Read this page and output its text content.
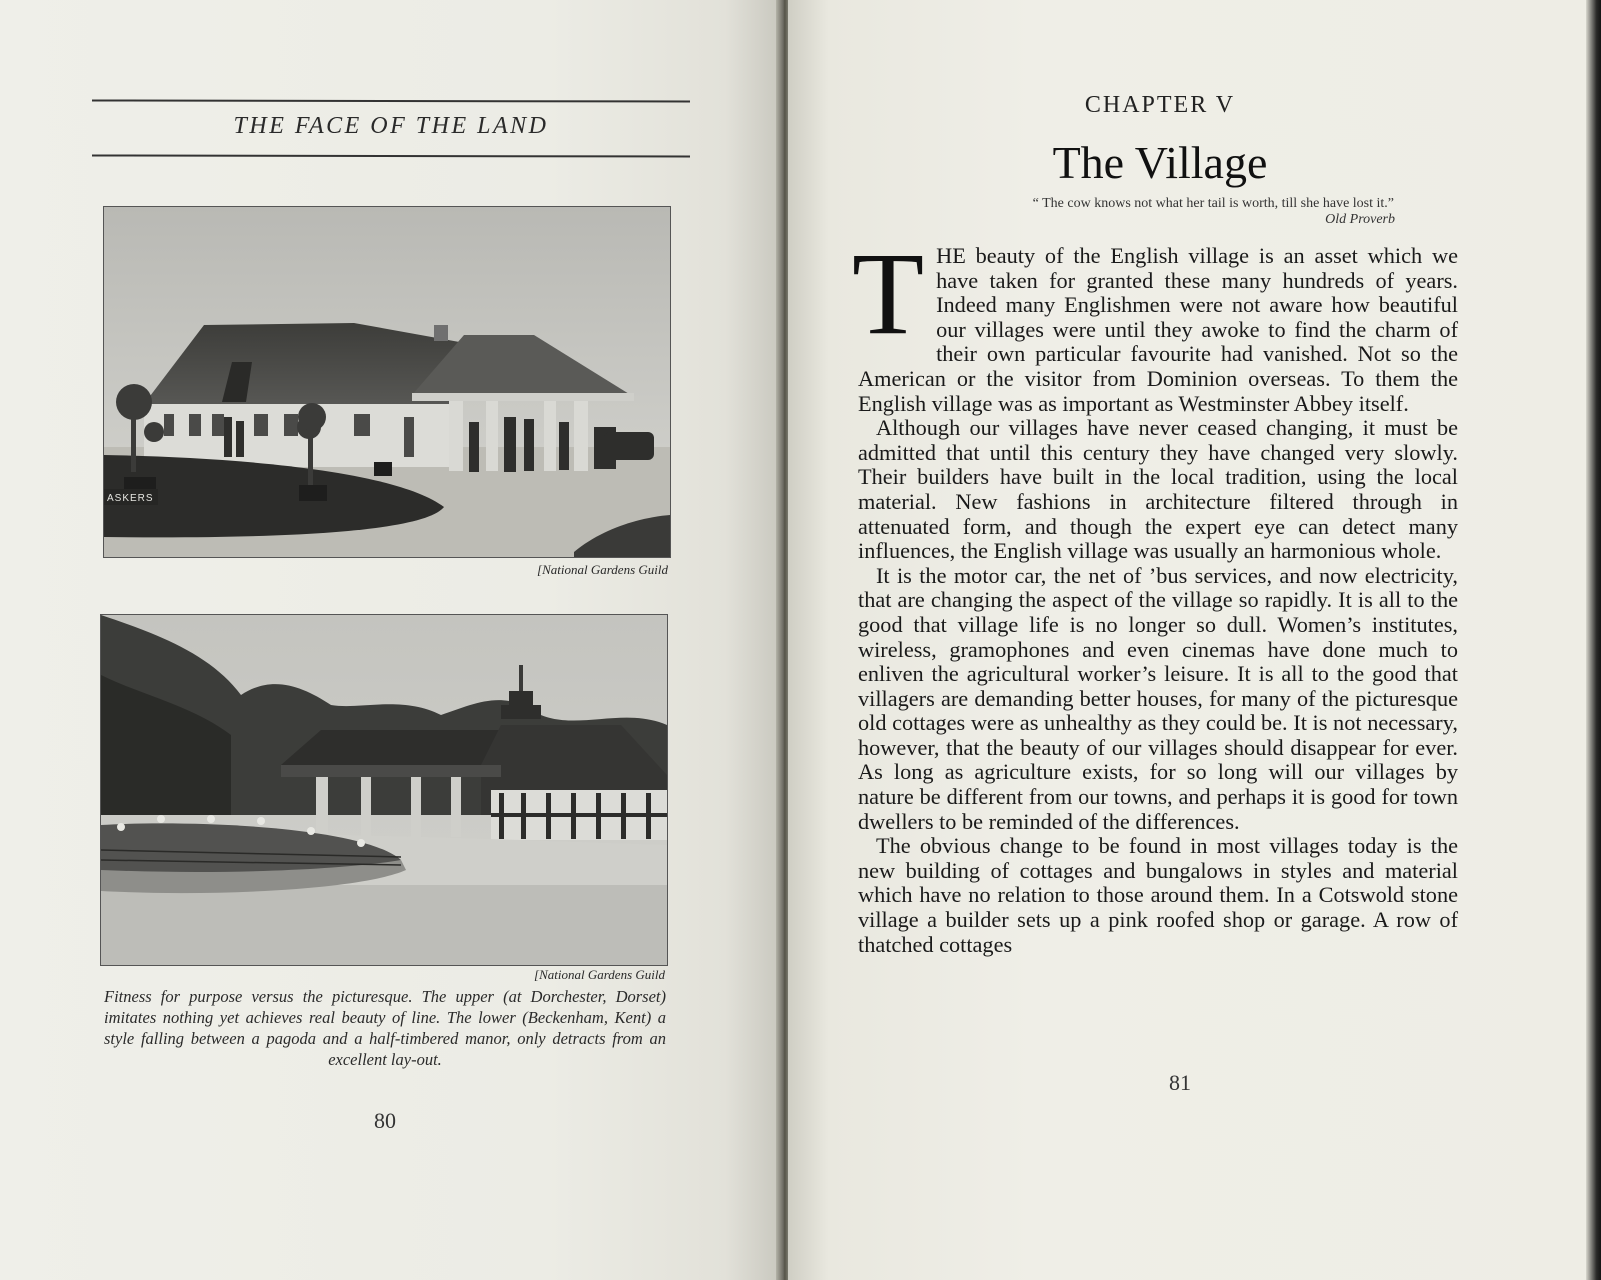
THE FACE OF THE LAND
ASKERS
[National Gardens Guild
[National Gardens Guild
Fitness for purpose versus the picturesque. The upper (at Dorchester, Dorset) imitates nothing yet achieves real beauty of line. The lower (Beckenham, Kent) a style falling between a pagoda and a half-timbered manor, only detracts from an excellent lay-out.
80
CHAPTER V
The Village
“ The cow knows not what her tail is worth, till she have lost it.”
Old Proverb

THE beauty of the English village is an asset which we have taken for granted these many hundreds of years. Indeed many Englishmen were not aware how beautiful our villages were until they awoke to find the charm of their own particular favourite had vanished. Not so the American or the visitor from Dominion overseas. To them the English village was as important as Westminster Abbey itself.

Although our villages have never ceased changing, it must be admitted that until this century they have changed very slowly. Their builders have built in the local tradition, using the local material. New fashions in architecture filtered through in attenuated form, and though the expert eye can detect many influences, the English village was usually an harmonious whole.

It is the motor car, the net of ’bus services, and now electricity, that are changing the aspect of the village so rapidly. It is all to the good that village life is no longer so dull. Women’s institutes, wireless, gramophones and even cinemas have done much to enliven the agricultural worker’s leisure. It is all to the good that villagers are demanding better houses, for many of the picturesque old cottages were as unhealthy as they could be. It is not necessary, however, that the beauty of our villages should disappear for ever. As long as agriculture exists, for so long will our villages by nature be different from our towns, and perhaps it is good for town dwellers to be reminded of the differences.

The obvious change to be found in most villages today is the new building of cottages and bungalows in styles and material which have no relation to those around them. In a Cotswold stone village a builder sets up a pink roofed shop or garage. A row of thatched cottages

81
